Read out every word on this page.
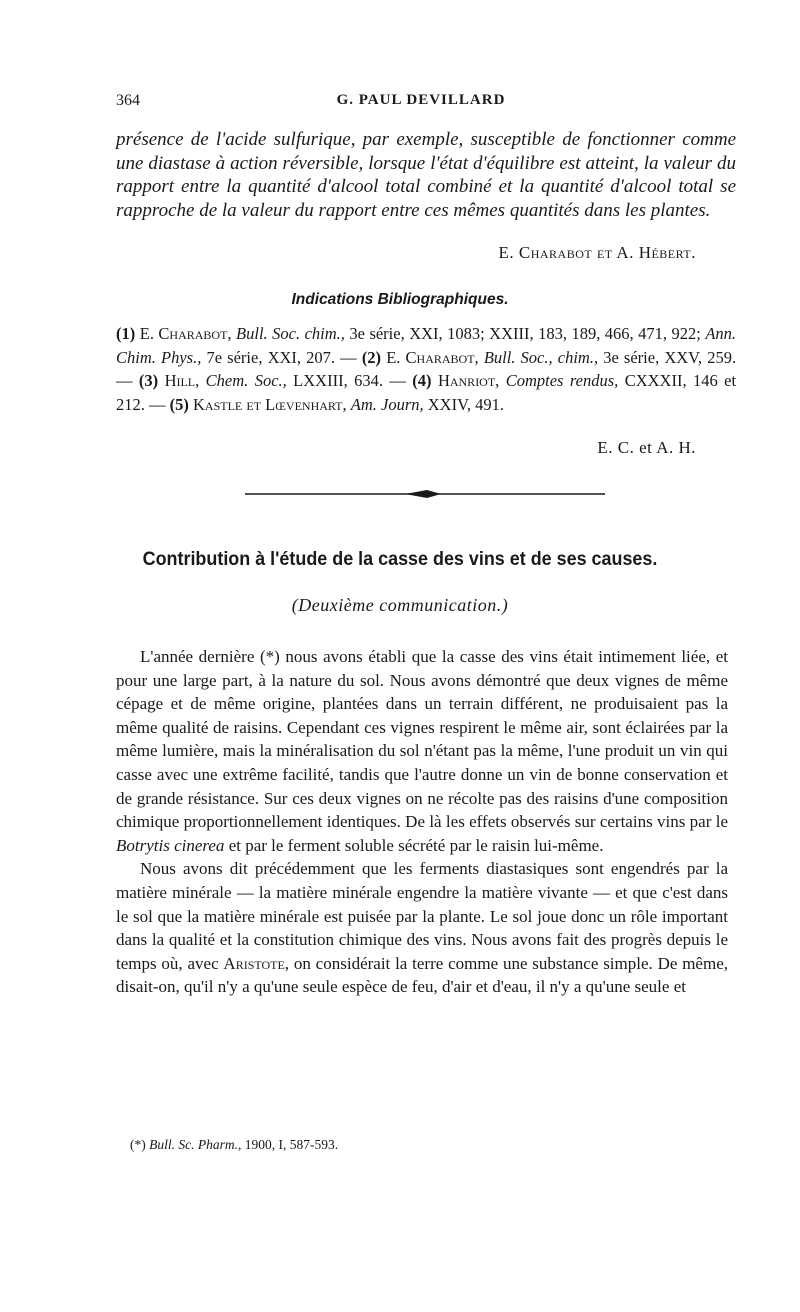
364	G. PAUL DEVILLARD
présence de l'acide sulfurique, par exemple, susceptible de fonctionner comme une diastase à action réversible, lorsque l'état d'équilibre est atteint, la valeur du rapport entre la quantité d'alcool total combiné et la quantité d'alcool total se rapproche de la valeur du rapport entre ces mêmes quantités dans les plantes.
E. Charabot et A. Hébert.
Indications Bibliographiques.
(1) E. Charabot, Bull. Soc. chim., 3e série, XXI, 1083; XXIII, 183, 189, 466, 471, 922; Ann. Chim. Phys., 7e série, XXI, 207. — (2) E. Charabot, Bull. Soc., chim., 3e série, XXV, 259. — (3) Hill, Chem. Soc., LXXIII, 634. — (4) Hanriot, Comptes rendus, CXXXII, 146 et 212. — (5) Kastle et Lœvenhart, Am. Journ, XXIV, 491.
E. C. et A. H.
Contribution à l'étude de la casse des vins et de ses causes.
(Deuxième communication.)

L'année dernière (*) nous avons établi que la casse des vins était intimement liée, et pour une large part, à la nature du sol. Nous avons démontré que deux vignes de même cépage et de même origine, plantées dans un terrain différent, ne produisaient pas la même qualité de raisins. Cependant ces vignes respirent le même air, sont éclairées par la même lumière, mais la minéralisation du sol n'étant pas la même, l'une produit un vin qui casse avec une extrême facilité, tandis que l'autre donne un vin de bonne conservation et de grande résistance. Sur ces deux vignes on ne récolte pas des raisins d'une composition chimique proportionnellement identiques. De là les effets observés sur certains vins par le Botrytis cinerea et par le ferment soluble sécrété par le raisin lui-même.

Nous avons dit précédemment que les ferments diastasiques sont engendrés par la matière minérale — la matière minérale engendre la matière vivante — et que c'est dans le sol que la matière minérale est puisée par la plante. Le sol joue donc un rôle important dans la qualité et la constitution chimique des vins. Nous avons fait des progrès depuis le temps où, avec Aristote, on considérait la terre comme une substance simple. De même, disait-on, qu'il n'y a qu'une seule espèce de feu, d'air et d'eau, il n'y a qu'une seule et

(*) Bull. Sc. Pharm., 1900, I, 587-593.
